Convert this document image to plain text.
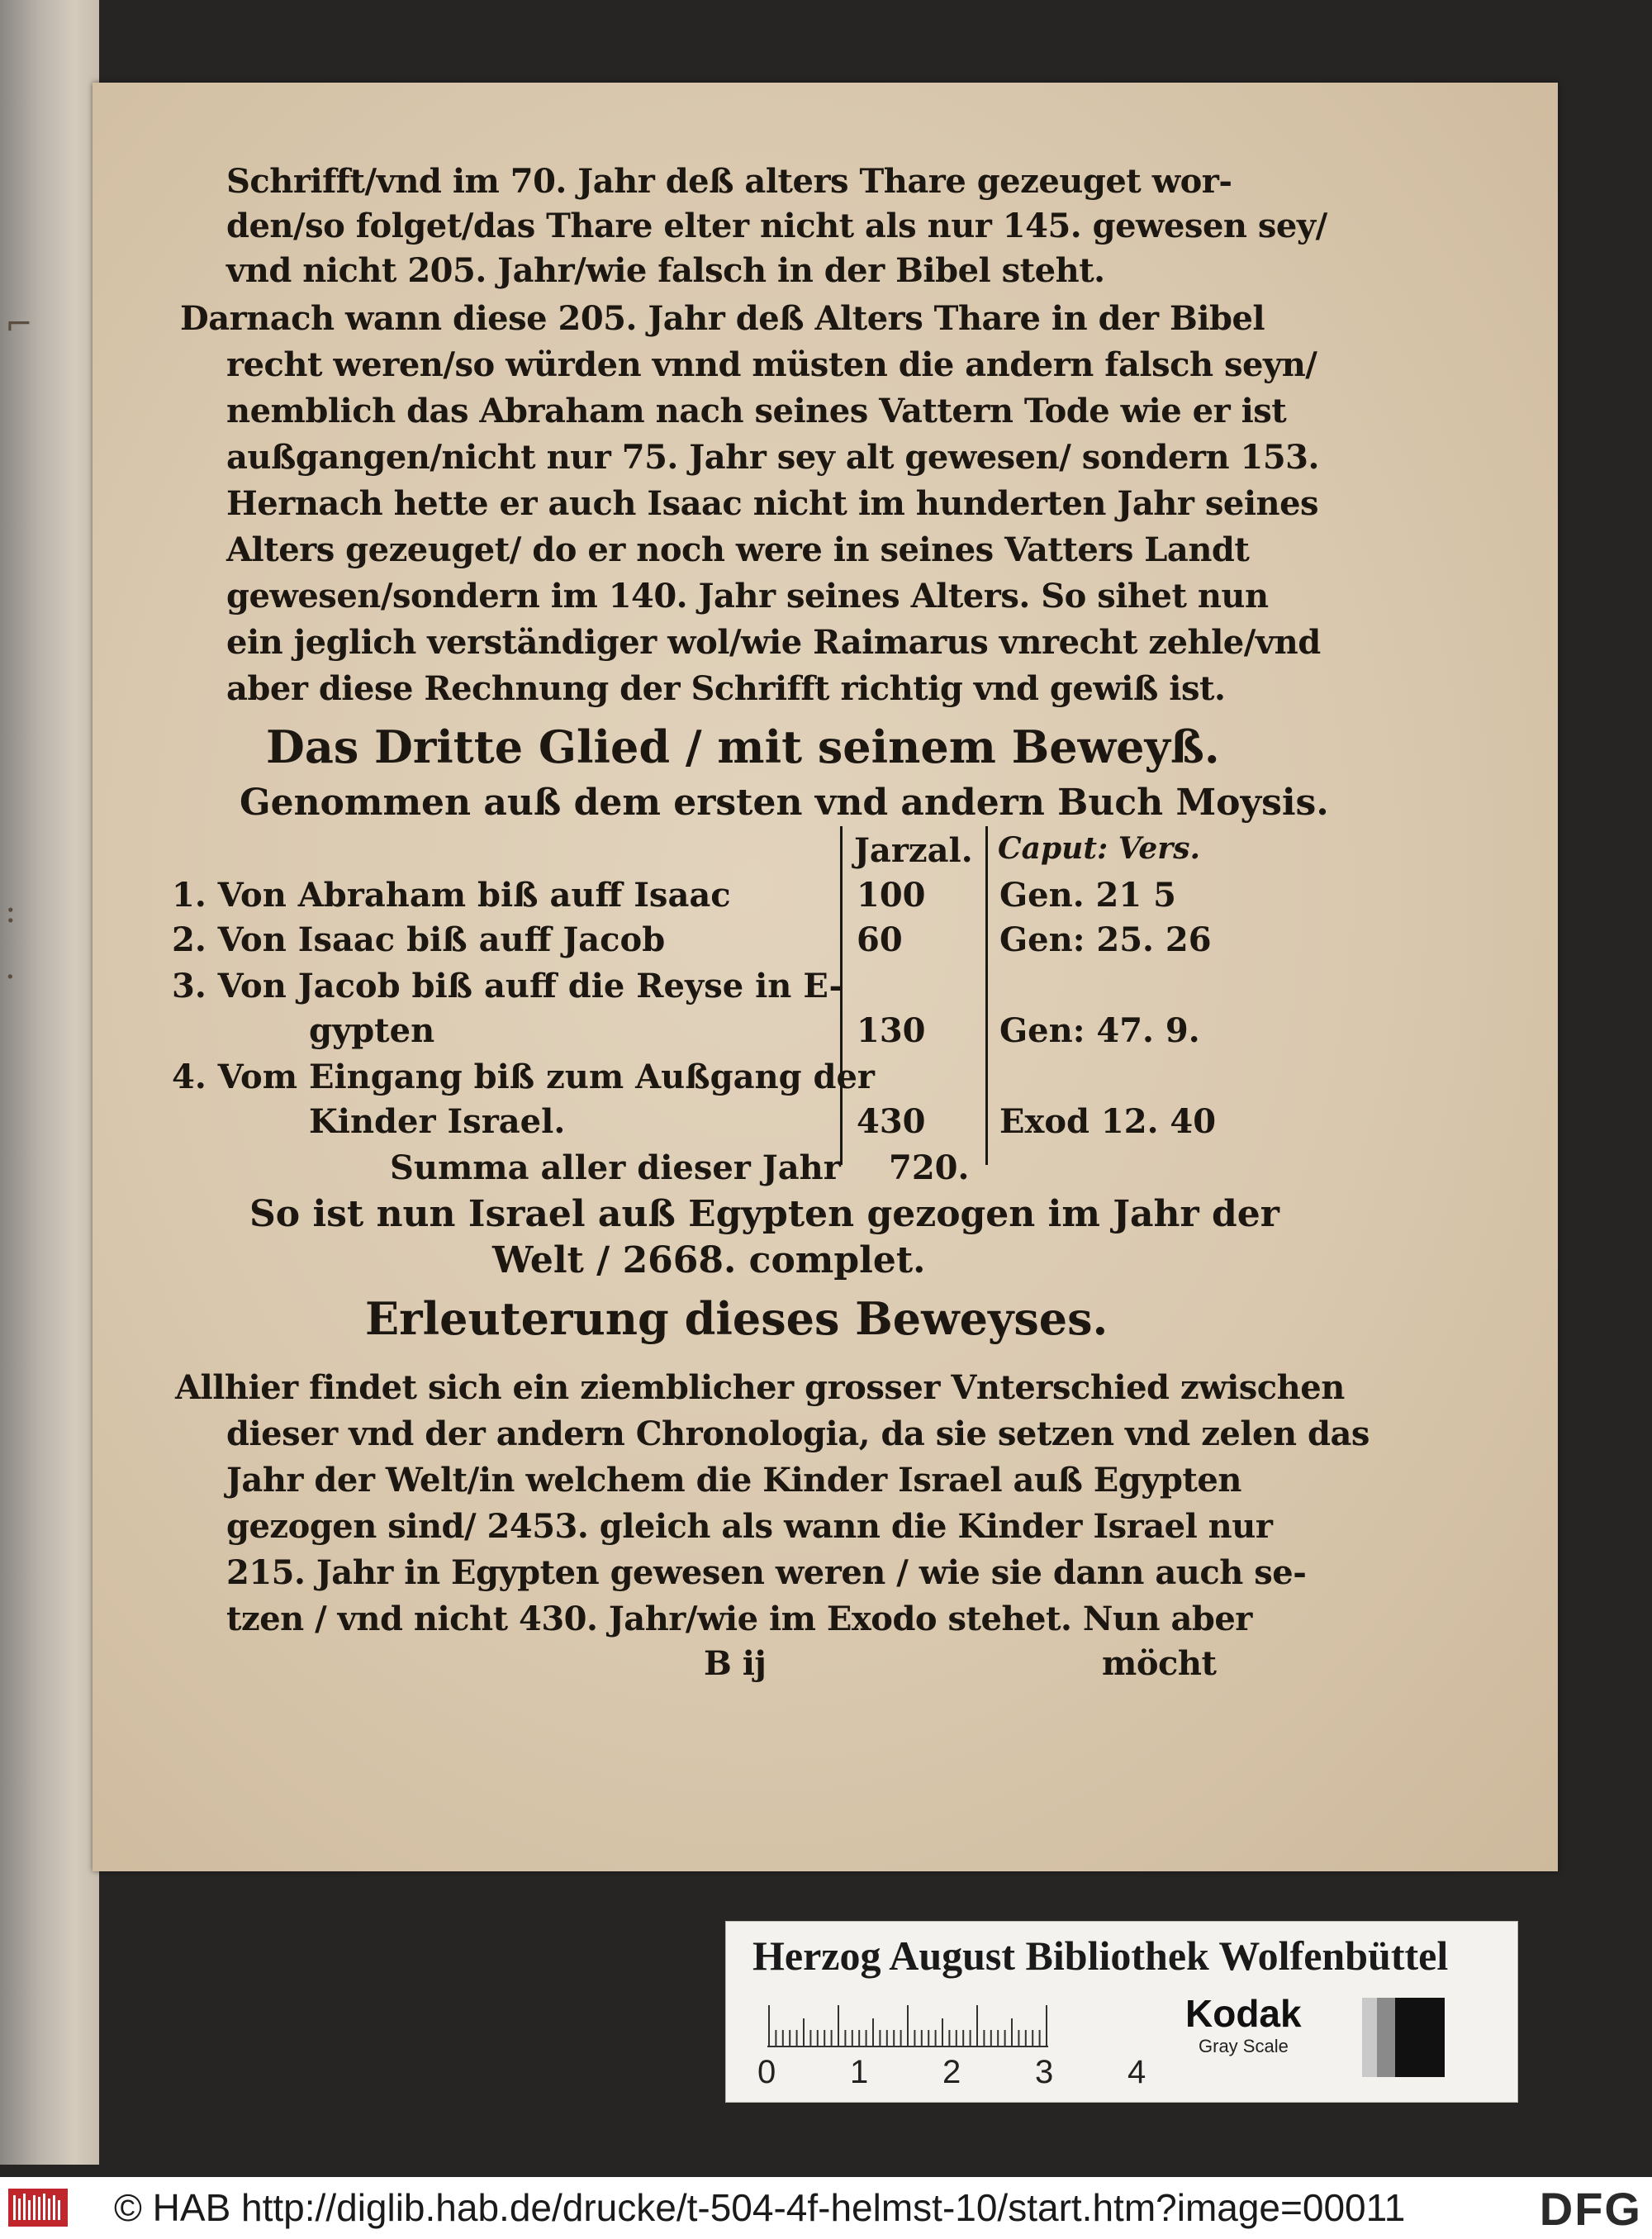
⌐
:
·
Schrifft/vnd im 70. Jahr deß alters Thare gezeuget wor-
den/so folget/das Thare elter nicht als nur 145. gewesen sey/
vnd nicht 205. Jahr/wie falsch in der Bibel steht.
Darnach wann diese 205. Jahr deß Alters Thare in der Bibel
recht weren/so würden vnnd müsten die andern falsch seyn/
nemblich das Abraham nach seines Vattern Tode wie er ist
außgangen/nicht nur 75. Jahr sey alt gewesen/ sondern 153.
Hernach hette er auch Isaac nicht im hunderten Jahr seines
Alters gezeuget/ do er noch were in seines Vatters Landt
gewesen/sondern im 140. Jahr seines Alters. So sihet nun
ein jeglich verständiger wol/wie Raimarus vnrecht zehle/vnd
aber diese Rechnung der Schrifft richtig vnd gewiß ist.
Das Dritte Glied / mit seinem Beweyß.
Genommen auß dem ersten vnd andern Buch Moysis.
Jarzal. Caput: Vers.
1. Von Abraham biß auff Isaac	100 Gen. 21 5
2. Von Isaac biß auff Jacob	60	Gen: 25. 26
3. Von Jacob biß auff die Reyse in E-
gypten	130 Gen: 47. 9.
4. Vom Eingang biß zum Außgang der
Kinder Israel.	430 Exod 12. 40
Summa aller dieser Jahr 720.
So ist nun Israel auß Egypten gezogen im Jahr der
Welt / 2668. complet.
Erleuterung dieses Beweyses.
Allhier findet sich ein ziemblicher grosser Vnterschied zwischen
dieser vnd der andern Chronologia, da sie setzen vnd zelen das
Jahr der Welt/in welchem die Kinder Israel auß Egypten
gezogen sind/ 2453. gleich als wann die Kinder Israel nur
215. Jahr in Egypten gewesen weren / wie sie dann auch se-
tzen / vnd nicht 430. Jahr/wie im Exodo stehet. Nun aber
B ij	möcht
Herzog August Bibliothek Wolfenbüttel
0 1 2 3 4
Kodak
Gray Scale
© HAB http://diglib.hab.de/drucke/t-504-4f-helmst-10/start.htm?image=00011	DFG
